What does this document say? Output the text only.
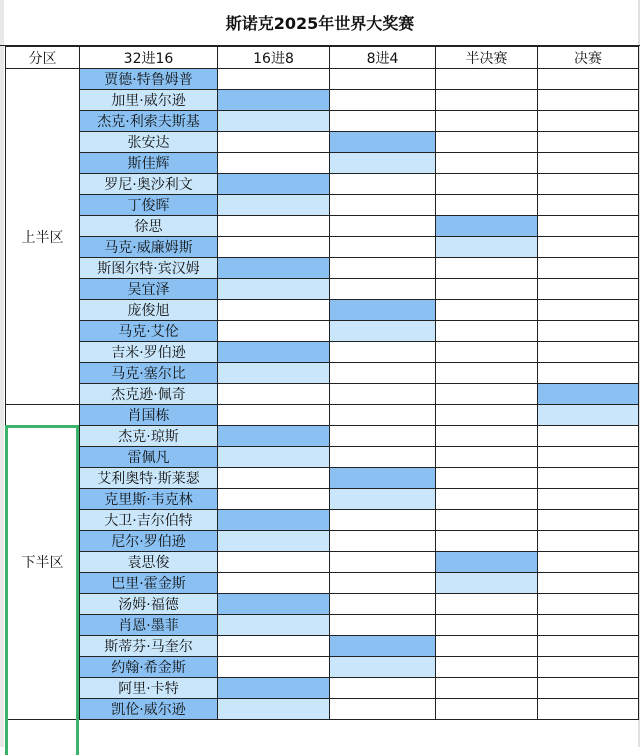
斯诺克2025年世界大奖赛
分区	32进16	16进8	8进4	半决赛	决赛
上半区	贾德·特鲁姆普				
	加里·威尔逊				
	杰克·利索夫斯基				
	张安达				
	斯佳辉				
	罗尼·奥沙利文				
	丁俊晖				
	徐思				
	马克·威廉姆斯				
	斯图尔特·宾汉姆				
	吴宜泽				
	庞俊旭				
	马克·艾伦				
	吉米·罗伯逊				
	马克·塞尔比				
	杰克逊·佩奇				
下半区	肖国栋				
	杰克·琼斯				
	雷佩凡				
	艾利奥特·斯莱瑟				
	克里斯·韦克林				
	大卫·吉尔伯特				
	尼尔·罗伯逊				
	袁思俊				
	巴里·霍金斯				
	汤姆·福德				
	肖恩·墨菲				
	斯蒂芬·马奎尔				
	约翰·希金斯				
	阿里·卡特				
	凯伦·威尔逊				
